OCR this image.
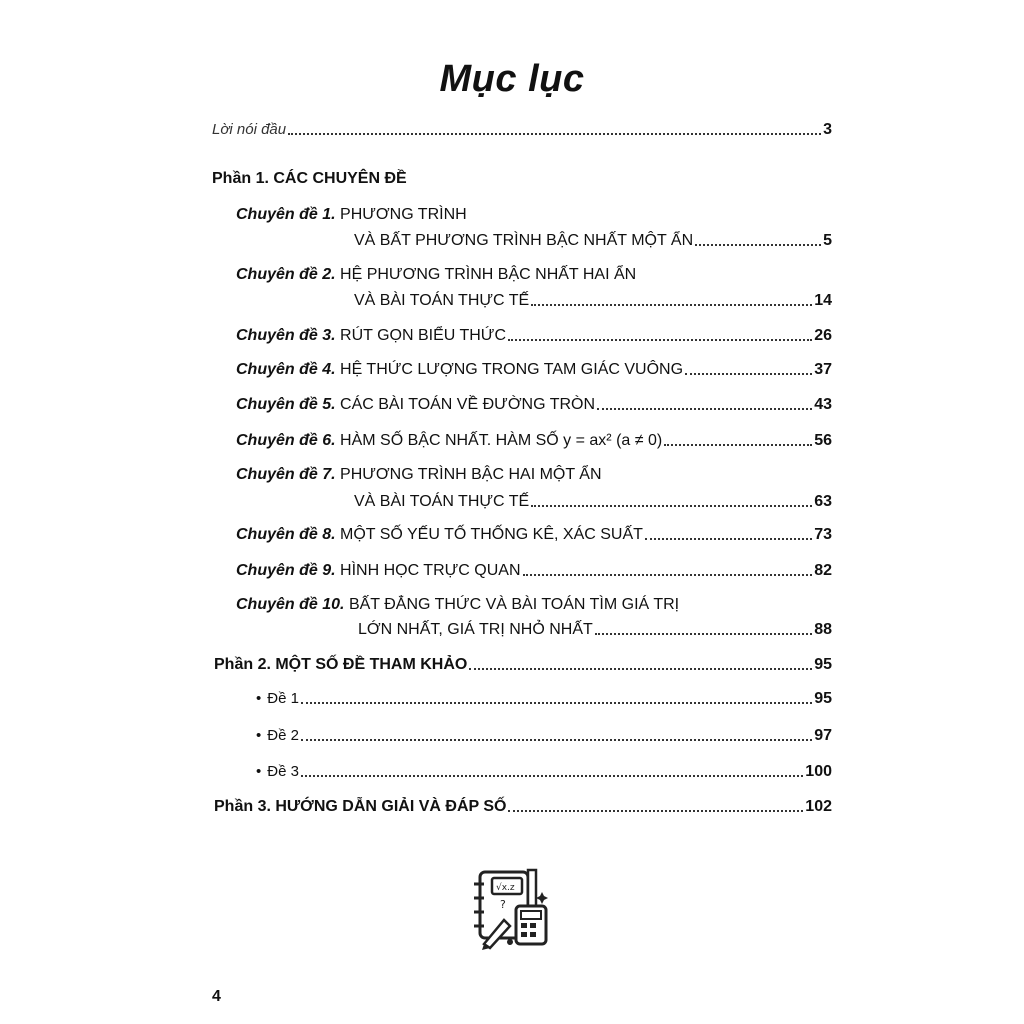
Mục lục
Lời nói đầu	3
Phần 1. CÁC CHUYÊN ĐỀ
Chuyên đề 1. PHƯƠNG TRÌNH
VÀ BẤT PHƯƠNG TRÌNH BẬC NHẤT MỘT ẨN	5
Chuyên đề 2. HỆ PHƯƠNG TRÌNH BẬC NHẤT HAI ẨN
VÀ BÀI TOÁN THỰC TẾ	14
Chuyên đề 3. RÚT GỌN BIỂU THỨC	26
Chuyên đề 4. HỆ THỨC LƯỢNG TRONG TAM GIÁC VUÔNG	37
Chuyên đề 5. CÁC BÀI TOÁN VỀ ĐƯỜNG TRÒN	43
Chuyên đề 6. HÀM SỐ BẬC NHẤT. HÀM SỐ y = ax² (a ≠ 0)	56
Chuyên đề 7. PHƯƠNG TRÌNH BẬC HAI MỘT ẨN
VÀ BÀI TOÁN THỰC TẾ	63
Chuyên đề 8. MỘT SỐ YẾU TỐ THỐNG KÊ, XÁC SUẤT	73
Chuyên đề 9. HÌNH HỌC TRỰC QUAN	82
Chuyên đề 10. BẤT ĐẲNG THỨC VÀ BÀI TOÁN TÌM GIÁ TRỊ
LỚN NHẤT, GIÁ TRỊ NHỎ NHẤT	88
Phần 2. MỘT SỐ ĐỀ THAM KHẢO	95
• Đề 1	95
• Đề 2	97
• Đề 3	100
Phần 3. HƯỚNG DẪN GIẢI VÀ ĐÁP SỐ	102
√x.z
?
4
